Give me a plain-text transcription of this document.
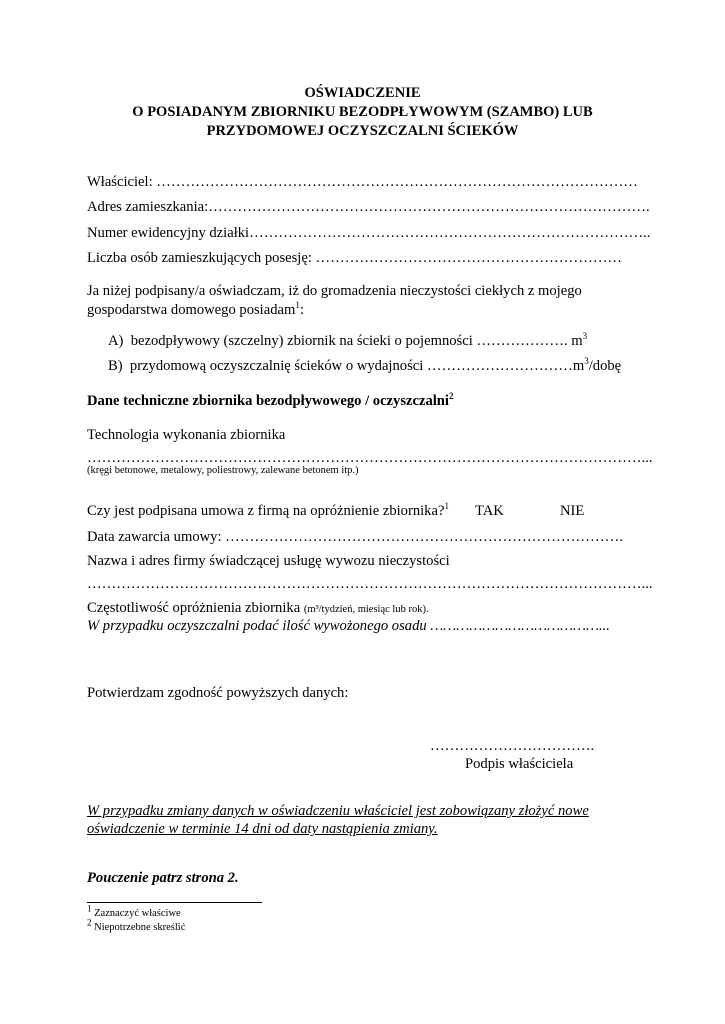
OŚWIADCZENIE
O POSIADANYM ZBIORNIKU BEZODPŁYWOWYM (SZAMBO) LUB
PRZYDOMOWEJ OCZYSZCZALNI ŚCIEKÓW
Właściciel: ………………………………………………………………………………………
Adres zamieszkania:……………………………………………………………………………….
Numer ewidencyjny działki………………………………………………………………………..
Liczba osób zamieszkujących posesję: ………………………………………………………
Ja niżej podpisany/a oświadczam, iż do gromadzenia nieczystości ciekłych z mojego
gospodarstwa domowego posiadam$^1$:
A) bezodpływowy (szczelny) zbiornik na ścieki o pojemności ………………. $m^3$
B) przydomową oczyszczalnię ścieków o wydajności $\dots\dots\dots\dots\dots\dots\dots\dots\dots\dots m^3$/dobę
Dane techniczne zbiornika bezodpływowego / oczyszczalni$^2$
Technologia wykonania zbiornika
……………………………………………………………………………………………………...
(kręgi betonowe, metalowy, poliestrowy, zalewane betonem itp.)
Czy jest podpisana umowa z firmą na opróżnienie zbiornika?$^1$ TAK	NIE
Data zawarcia umowy: ……………………………………………………………………….
Nazwa i adres firmy świadczącej usługę wywozu nieczystości
……………………………………………………………………………………………………...
Częstotliwość opróżnienia zbiornika (m³/tydzień, miesiąc lub rok).
W przypadku oczyszczalni podać ilość wywożonego osadu …………………………………...
Potwierdzam zgodność powyższych danych:
…………………………….
Podpis właściciela
W przypadku zmiany danych w oświadczeniu właściciel jest zobowiązany złożyć nowe
oświadczenie w terminie 14 dni od daty nastąpienia zmiany.
Pouczenie patrz strona 2.
$^1$ Zaznaczyć właściwe
$^2$ Niepotrzebne skreślić
